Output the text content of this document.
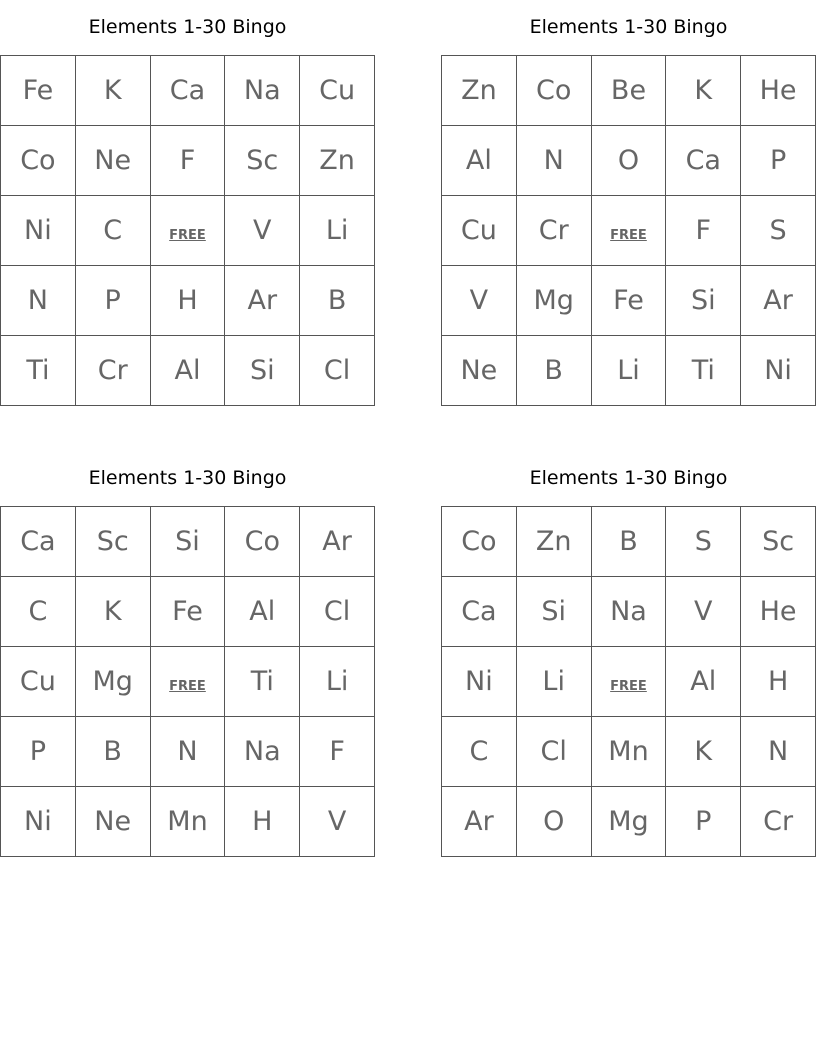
Elements 1-30 Bingo
Fe	K	Ca	Na	Cu
Co	Ne	F	Sc	Zn
Ni	C	FREE	V	Li
N	P	H	Ar	B
Ti	Cr	Al	Si	Cl
Elements 1-30 Bingo
Zn	Co	Be	K	He
Al	N	O	Ca	P
Cu	Cr	FREE	F	S
V	Mg	Fe	Si	Ar
Ne	B	Li	Ti	Ni
Elements 1-30 Bingo
Ca	Sc	Si	Co	Ar
C	K	Fe	Al	Cl
Cu	Mg	FREE	Ti	Li
P	B	N	Na	F
Ni	Ne	Mn	H	V
Elements 1-30 Bingo
Co	Zn	B	S	Sc
Ca	Si	Na	V	He
Ni	Li	FREE	Al	H
C	Cl	Mn	K	N
Ar	O	Mg	P	Cr
